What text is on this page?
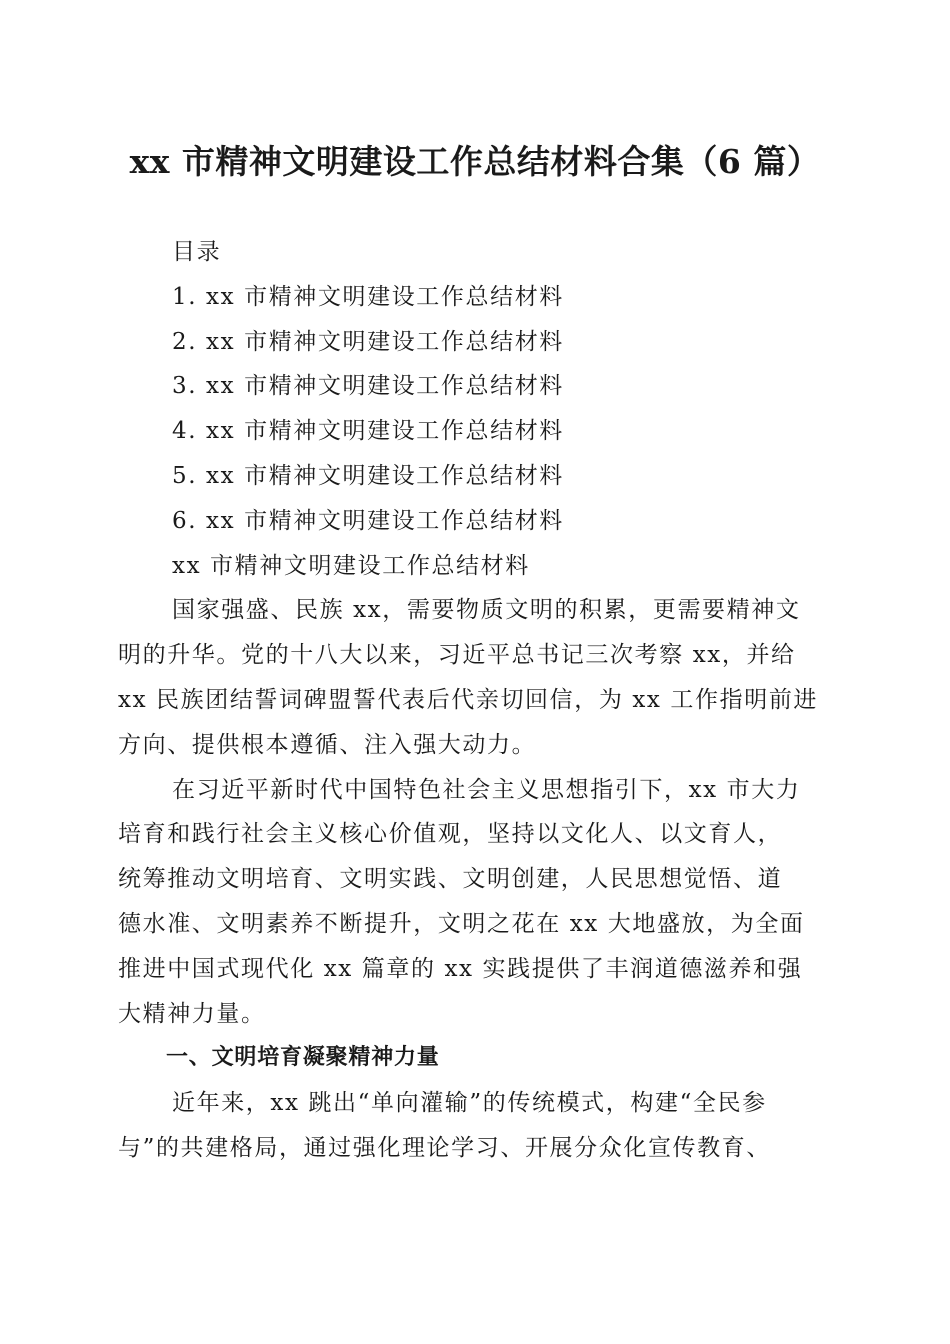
xx 市精神文明建设工作总结材料合集（6 篇）
目录
1. xx 市精神文明建设工作总结材料
2. xx 市精神文明建设工作总结材料
3. xx 市精神文明建设工作总结材料
4. xx 市精神文明建设工作总结材料
5. xx 市精神文明建设工作总结材料
6. xx 市精神文明建设工作总结材料
xx 市精神文明建设工作总结材料
国家强盛、民族 xx，需要物质文明的积累，更需要精神文
明的升华。党的十八大以来，习近平总书记三次考察 xx，并给
xx 民族团结誓词碑盟誓代表后代亲切回信，为 xx 工作指明前进
方向、提供根本遵循、注入强大动力。
在习近平新时代中国特色社会主义思想指引下，xx 市大力
培育和践行社会主义核心价值观，坚持以文化人、以文育人，
统筹推动文明培育、文明实践、文明创建，人民思想觉悟、道
德水准、文明素养不断提升，文明之花在 xx 大地盛放，为全面
推进中国式现代化 xx 篇章的 xx 实践提供了丰润道德滋养和强
大精神力量。
一、文明培育凝聚精神力量
近年来，xx 跳出“单向灌输”的传统模式，构建“全民参
与”的共建格局，通过强化理论学习、开展分众化宣传教育、
